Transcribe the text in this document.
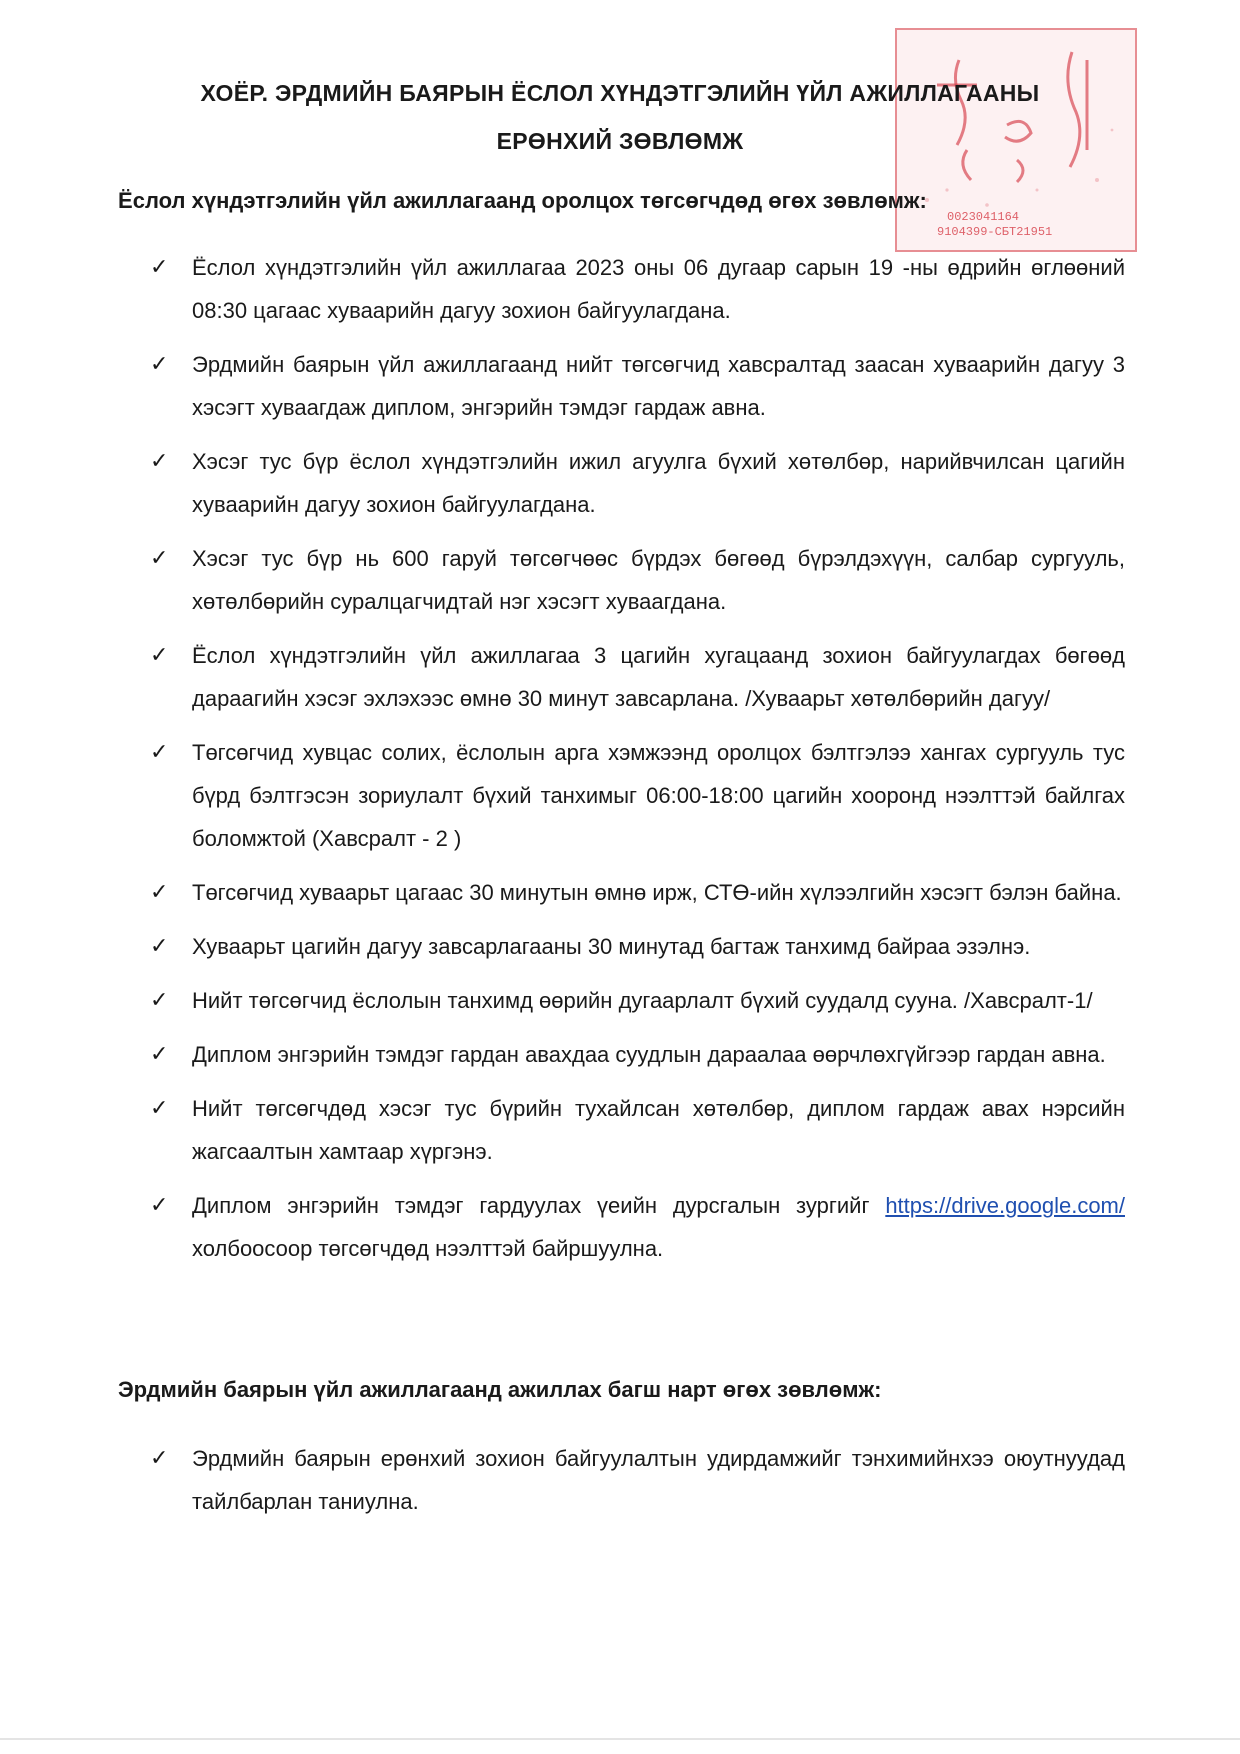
0023041164
9104399-СБТ21951
ХОЁР. ЭРДМИЙН БАЯРЫН ЁСЛОЛ ХҮНДЭТГЭЛИЙН ҮЙЛ АЖИЛЛАГААНЫ
ЕРӨНХИЙ ЗӨВЛӨМЖ
Ёслол хүндэтгэлийн үйл ажиллагаанд оролцох төгсөгчдөд өгөх зөвлөмж:
✓	Ёслол хүндэтгэлийн үйл ажиллагаа 2023 оны 06 дугаар сарын 19 -ны өдрийн өглөөний 08:30 цагаас хуваарийн дагуу зохион байгуулагдана.
✓	Эрдмийн баярын үйл ажиллагаанд нийт төгсөгчид хавсралтад заасан хуваарийн дагуу 3 хэсэгт хуваагдаж диплом, энгэрийн тэмдэг гардаж авна.
✓	Хэсэг тус бүр ёслол хүндэтгэлийн ижил агуулга бүхий хөтөлбөр, нарийвчилсан цагийн хуваарийн дагуу зохион байгуулагдана.
✓	Хэсэг тус бүр нь 600 гаруй төгсөгчөөс бүрдэх бөгөөд бүрэлдэхүүн, салбар сургууль, хөтөлбөрийн суралцагчидтай нэг хэсэгт хуваагдана.
✓	Ёслол хүндэтгэлийн үйл ажиллагаа 3 цагийн хугацаанд зохион байгуулагдах бөгөөд дараагийн хэсэг эхлэхээс өмнө 30 минут завсарлана. /Хуваарьт хөтөлбөрийн дагуу/
✓	Төгсөгчид хувцас солих, ёслолын арга хэмжээнд оролцох бэлтгэлээ хангах сургууль тус бүрд бэлтгэсэн зориулалт бүхий танхимыг 06:00-18:00 цагийн хооронд нээлттэй байлгах боломжтой (Хавсралт - 2 )
✓	Төгсөгчид хуваарьт цагаас 30 минутын өмнө ирж, СТӨ-ийн хүлээлгийн хэсэгт бэлэн байна.
✓	Хуваарьт цагийн дагуу завсарлагааны 30 минутад багтаж танхимд байраа эзэлнэ.
✓	Нийт төгсөгчид ёслолын танхимд өөрийн дугаарлалт бүхий суудалд сууна. /Хавсралт-1/
✓	Диплом энгэрийн тэмдэг гардан авахдаа суудлын дараалаа өөрчлөхгүйгээр гардан авна.
✓	Нийт төгсөгчдөд хэсэг тус бүрийн тухайлсан хөтөлбөр, диплом гардаж авах нэрсийн жагсаалтын хамтаар хүргэнэ.
✓	Диплом энгэрийн тэмдэг гардуулах үеийн дурсгалын зургийг https://drive.google.com/ холбоосоор төгсөгчдөд нээлттэй байршуулна.
Эрдмийн баярын үйл ажиллагаанд ажиллах багш нарт өгөх зөвлөмж:
✓	Эрдмийн баярын ерөнхий зохион байгуулалтын удирдамжийг тэнхимийнхээ оюутнуудад тайлбарлан таниулна.
